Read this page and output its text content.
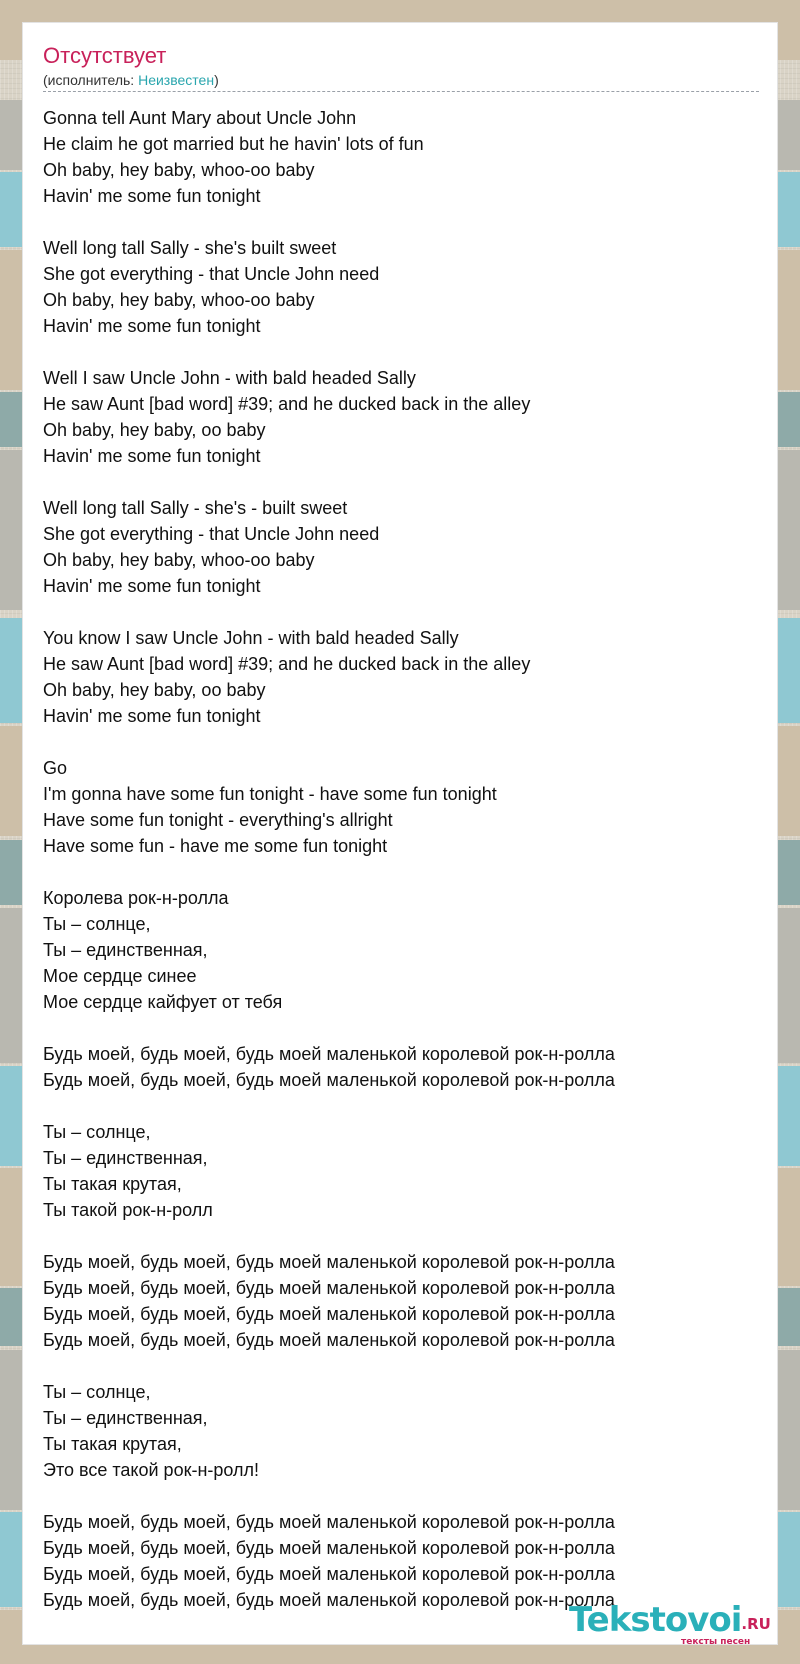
Отсутствует
(исполнитель: Неизвестен)
Gonna tell Aunt Mary about Uncle John
He claim he got married but he havin' lots of fun
Oh baby, hey baby, whoo-oo baby
Havin' me some fun tonight
Well long tall Sally - she's built sweet
She got everything - that Uncle John need
Oh baby, hey baby, whoo-oo baby
Havin' me some fun tonight
Well I saw Uncle John - with bald headed Sally
He saw Aunt [bad word] #39; and he ducked back in the alley
Oh baby, hey baby, oo baby
Havin' me some fun tonight
Well long tall Sally - she's - built sweet
She got everything - that Uncle John need
Oh baby, hey baby, whoo-oo baby
Havin' me some fun tonight
You know I saw Uncle John - with bald headed Sally
He saw Aunt [bad word] #39; and he ducked back in the alley
Oh baby, hey baby, oo baby
Havin' me some fun tonight
Go
I'm gonna have some fun tonight - have some fun tonight
Have some fun tonight - everything's allright
Have some fun - have me some fun tonight
Королева рок-н-ролла
Ты – солнце,
Ты – единственная,
Мое сердце синее
Мое сердце кайфует от тебя
Будь моей, будь моей, будь моей маленькой королевой рок-н-ролла
Будь моей, будь моей, будь моей маленькой королевой рок-н-ролла
Ты – солнце,
Ты – единственная,
Ты такая крутая,
Ты такой рок-н-ролл
Будь моей, будь моей, будь моей маленькой королевой рок-н-ролла
Будь моей, будь моей, будь моей маленькой королевой рок-н-ролла
Будь моей, будь моей, будь моей маленькой королевой рок-н-ролла
Будь моей, будь моей, будь моей маленькой королевой рок-н-ролла
Ты – солнце,
Ты – единственная,
Ты такая крутая,
Это все такой рок-н-ролл!
Будь моей, будь моей, будь моей маленькой королевой рок-н-ролла
Будь моей, будь моей, будь моей маленькой королевой рок-н-ролла
Будь моей, будь моей, будь моей маленькой королевой рок-н-ролла
Будь моей, будь моей, будь моей маленькой королевой рок-н-ролла
Tekstovoi.RU
тексты песен
